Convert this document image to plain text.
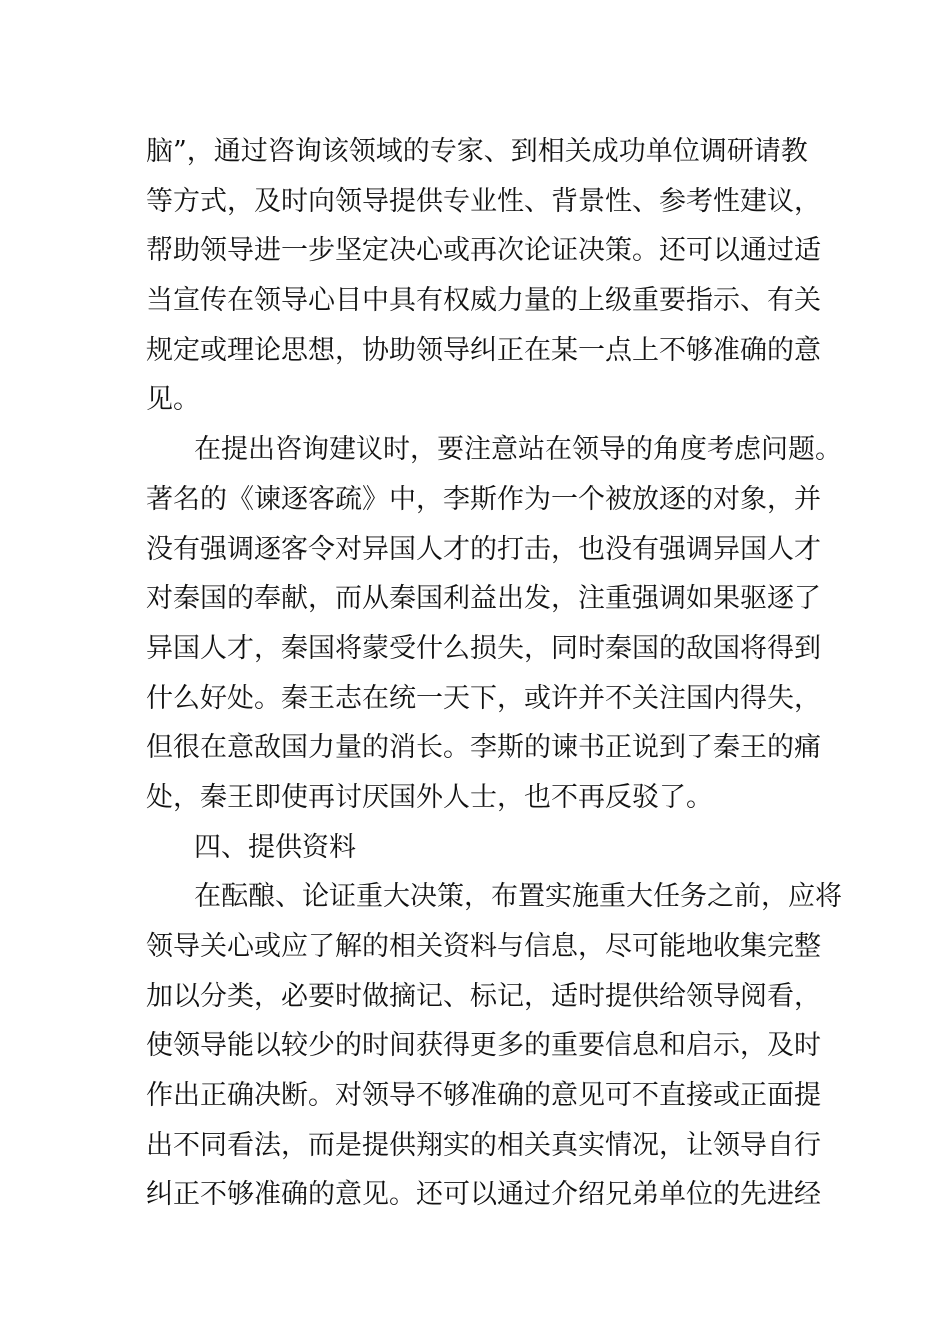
脑”，通过咨询该领域的专家、到相关成功单位调研请教
等方式，及时向领导提供专业性、背景性、参考性建议，
帮助领导进一步坚定决心或再次论证决策。还可以通过适
当宣传在领导心目中具有权威力量的上级重要指示、有关
规定或理论思想，协助领导纠正在某一点上不够准确的意
见。
在提出咨询建议时，要注意站在领导的角度考虑问题。
著名的《谏逐客疏》中，李斯作为一个被放逐的对象，并
没有强调逐客令对异国人才的打击，也没有强调异国人才
对秦国的奉献，而从秦国利益出发，注重强调如果驱逐了
异国人才，秦国将蒙受什么损失，同时秦国的敌国将得到
什么好处。秦王志在统一天下，或许并不关注国内得失，
但很在意敌国力量的消长。李斯的谏书正说到了秦王的痛
处，秦王即使再讨厌国外人士，也不再反驳了。
四、提供资料
在酝酿、论证重大决策，布置实施重大任务之前，应将
领导关心或应了解的相关资料与信息，尽可能地收集完整
加以分类，必要时做摘记、标记，适时提供给领导阅看，
使领导能以较少的时间获得更多的重要信息和启示，及时
作出正确决断。对领导不够准确的意见可不直接或正面提
出不同看法，而是提供翔实的相关真实情况，让领导自行
纠正不够准确的意见。还可以通过介绍兄弟单位的先进经
